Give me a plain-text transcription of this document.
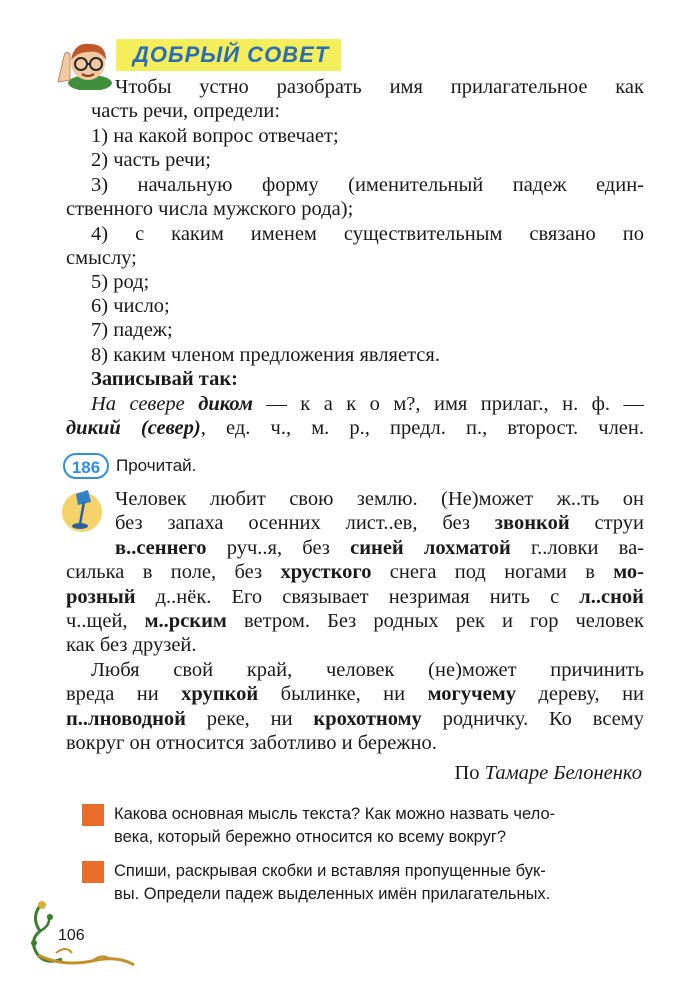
ДОБРЫЙ СОВЕТ
Чтобы устно разобрать имя прилагательное как
часть речи, определи:
1) на какой вопрос отвечает;
2) часть речи;
3) начальную форму (именительный падеж един-
ственного числа мужского рода);
4) с каким именем существительным связано по
смыслу;
5) род;
6) число;
7) падеж;
8) каким членом предложения является.
Записывай так:
На севере диком — к а к о м?, имя прилаг., н. ф. —
дикий (север), ед. ч., м. р., предл. п., второст. член.
186 Прочитай.
Человек любит свою землю. (Не)может ж..ть он
без запаха осенних лист..ев, без звонкой струи
в..сеннего руч..я, без синей лохматой г..ловки ва-
силька в поле, без хрусткого снега под ногами в мо-
розный д..нёк. Его связывает незримая нить с л..сной
ч..щей, м..рским ветром. Без родных рек и гор человек
как без друзей.
Любя свой край, человек (не)может причинить
вреда ни хрупкой былинке, ни могучему дереву, ни
п..лноводной реке, ни крохотному родничку. Ко всему
вокруг он относится заботливо и бережно.
По Тамаре Белоненко
Какова основная мысль текста? Как можно назвать чело-
века, который бережно относится ко всему вокруг?
Спиши, раскрывая скобки и вставляя пропущенные бук-
вы. Определи падеж выделенных имён прилагательных.
106
